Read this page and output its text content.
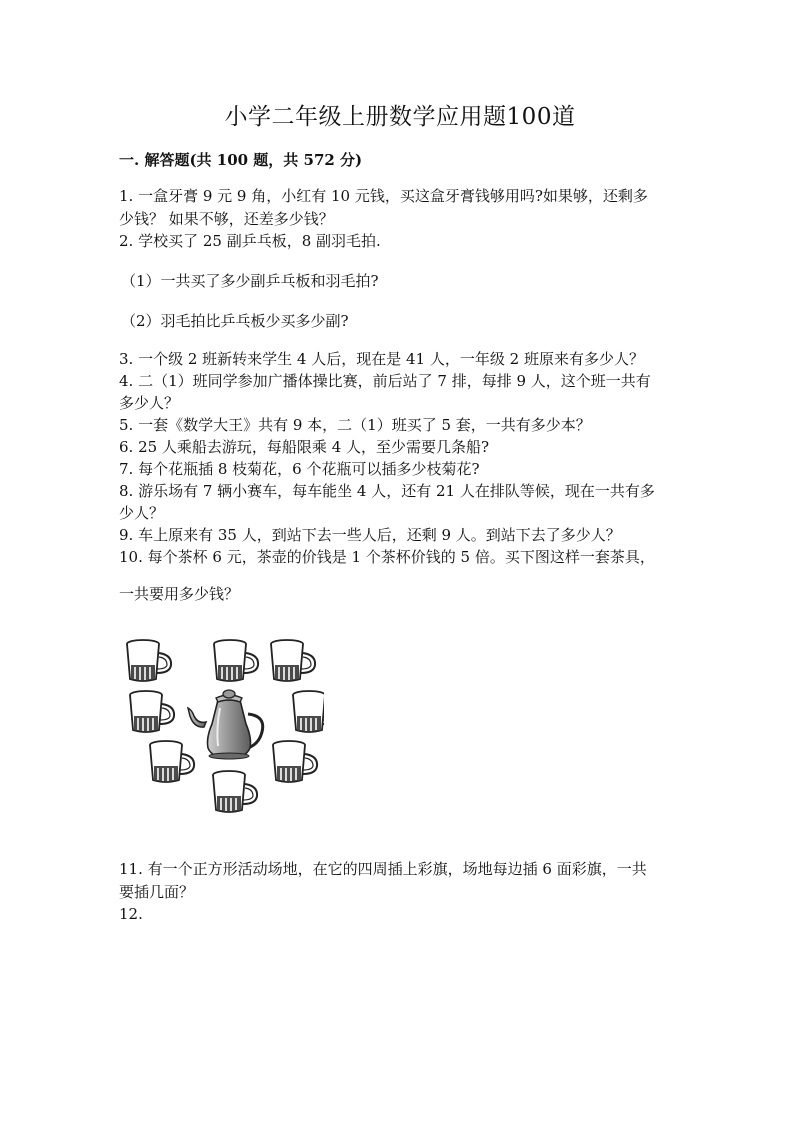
小学二年级上册数学应用题100道

一. 解答题(共 100 题，共 572 分)

1. 一盒牙膏 9 元 9 角，小红有 10 元钱，买这盒牙膏钱够用吗?如果够，还剩多

少钱？ 如果不够，还差多少钱？

2. 学校买了 25 副乒乓板，8 副羽毛拍.

（1）一共买了多少副乒乓板和羽毛拍?

（2）羽毛拍比乒乓板少买多少副?

3. 一个级 2 班新转来学生 4 人后，现在是 41 人，一年级 2 班原来有多少人？

4. 二（1）班同学参加广播体操比赛，前后站了 7 排，每排 9 人，这个班一共有

多少人？

5. 一套《数学大王》共有 9 本，二（1）班买了 5 套，一共有多少本？

6. 25 人乘船去游玩，每船限乘 4 人，至少需要几条船?

7. 每个花瓶插 8 枝菊花，6 个花瓶可以插多少枝菊花?

8. 游乐场有 7 辆小赛车，每车能坐 4 人，还有 21 人在排队等候，现在一共有多

少人？

9. 车上原来有 35 人，到站下去一些人后，还剩 9 人。到站下去了多少人？

10. 每个茶杯 6 元，茶壶的价钱是 1 个茶杯价钱的 5 倍。买下图这样一套茶具，

一共要用多少钱？

11. 有一个正方形活动场地，在它的四周插上彩旗，场地每边插 6 面彩旗，一共

要插几面？

12.
